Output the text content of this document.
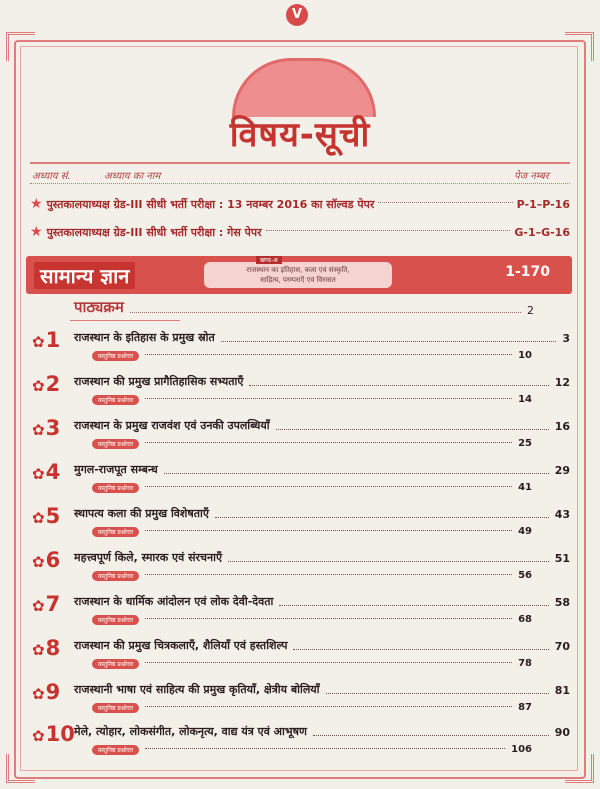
V
विषय-सूची
अध्याय सं.	अध्याय का नाम	पेज नम्बर
★ पुस्तकालयाध्यक्ष ग्रेड-III सीधी भर्ती परीक्षा : 13 नवम्बर 2016 का सॉल्वड पेपर	P-1–P-16
★ पुस्तकालयाध्यक्ष ग्रेड-III सीधी भर्ती परीक्षा : गेस पेपर	G-1–G-16
सामान्य ज्ञान	राजस्थान का इतिहास, कला एवं संस्कृति,
साहित्य, परम्पराएँ एवं विरासत
खण्ड-अ
1-170
पाठ्यक्रम	2
✿1 राजस्थान के इतिहास के प्रमुख स्रोत	3
वस्तुनिष्ठ प्रश्नोत्तर	10
✿2 राजस्थान की प्रमुख प्रागैतिहासिक सभ्यताएँ	12
वस्तुनिष्ठ प्रश्नोत्तर	14
✿3 राजस्थान के प्रमुख राजवंश एवं उनकी उपलब्धियाँ	16
वस्तुनिष्ठ प्रश्नोत्तर	25
✿4 मुगल-राजपूत सम्बन्ध	29
वस्तुनिष्ठ प्रश्नोत्तर	41
✿5 स्थापत्य कला की प्रमुख विशेषताएँ	43
वस्तुनिष्ठ प्रश्नोत्तर	49
✿6 महत्त्वपूर्ण किले, स्मारक एवं संरचनाएँ	51
वस्तुनिष्ठ प्रश्नोत्तर	56
✿7 राजस्थान के धार्मिक आंदोलन एवं लोक देवी-देवता	58
वस्तुनिष्ठ प्रश्नोत्तर	68
✿8 राजस्थान की प्रमुख चित्रकलाएँ, शैलियाँ एवं हस्तशिल्प	70
वस्तुनिष्ठ प्रश्नोत्तर	78
✿9 राजस्थानी भाषा एवं साहित्य की प्रमुख कृतियाँ, क्षेत्रीय बोलियाँ	81
वस्तुनिष्ठ प्रश्नोत्तर	87
✿10 मेले, त्योहार, लोकसंगीत, लोकनृत्य, वाद्य यंत्र एवं आभूषण	90
वस्तुनिष्ठ प्रश्नोत्तर	106
